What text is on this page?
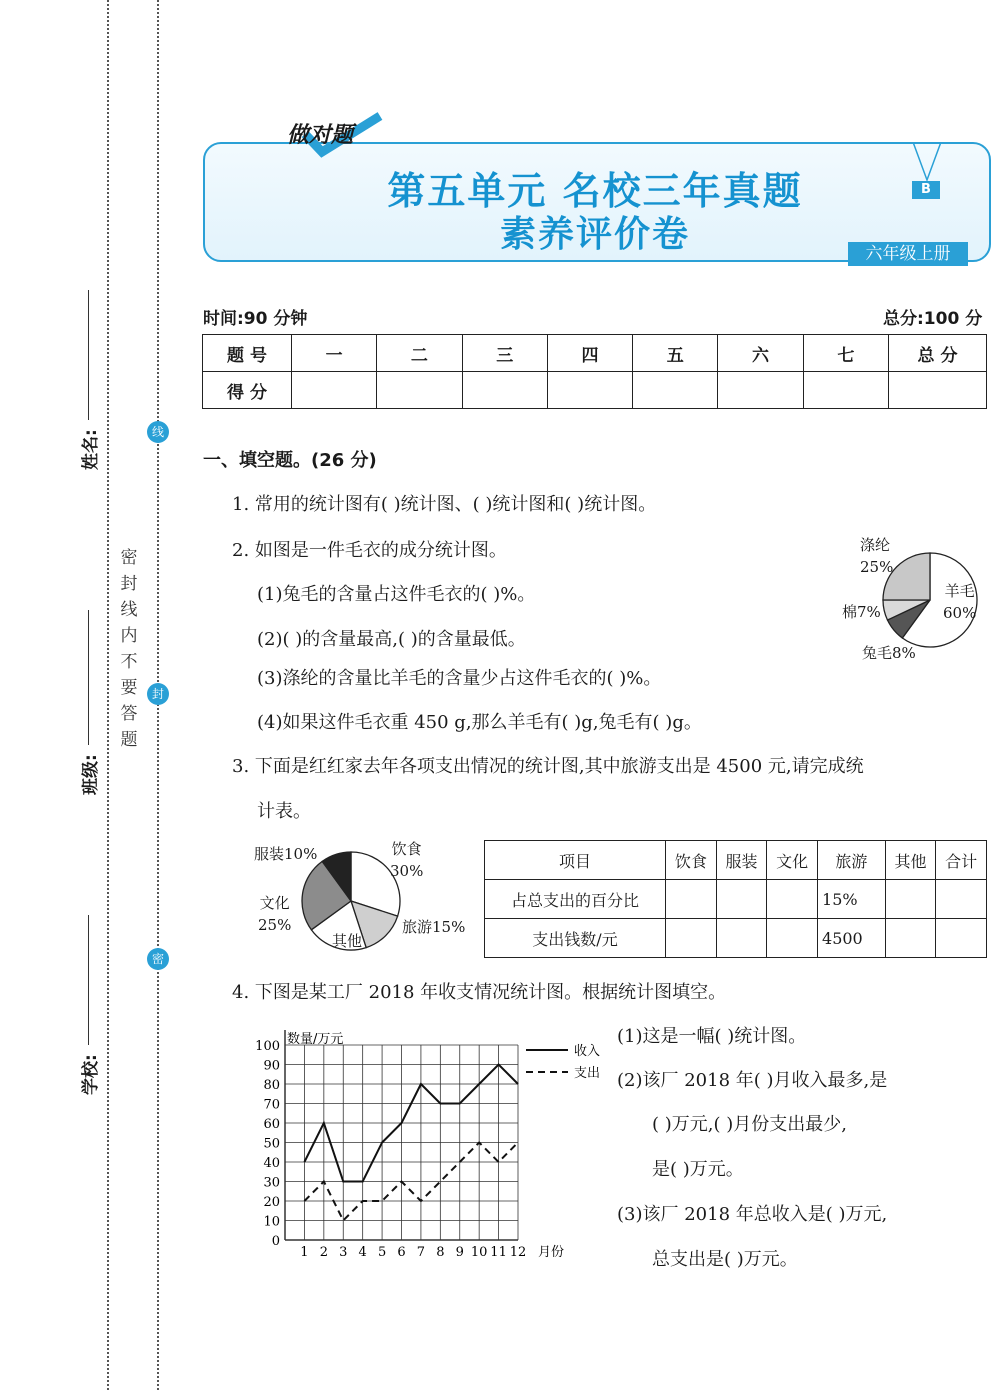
姓名:
班级:
学校:
密封线内不要答题
线
封
密
做对题
第五单元 名校三年真题
素养评价卷
B
六年级上册
时间:90 分钟	总分:100 分
题 号	一	二	三	四	五	六	七	总 分
得 分								
一、填空题。(26 分)
1. 常用的统计图有( )统计图、( )统计图和( )统计图。
2. 如图是一件毛衣的成分统计图。
(1)兔毛的含量占这件毛衣的( )%。
(2)( )的含量最高,( )的含量最低。
(3)涤纶的含量比羊毛的含量少占这件毛衣的( )%。
(4)如果这件毛衣重 450 g,那么羊毛有( )g,兔毛有( )g。
涤纶
25%
羊毛
60%
棉7%
兔毛8%
3. 下面是红红家去年各项支出情况的统计图,其中旅游支出是 4500 元,请完成统
计表。
服装10%	饮食
30%
文化
25%
其他
旅游15%
项目	饮食	服装	文化	旅游	其他	合计
占总支出的百分比				15%		
支出钱数/元				4500		
4. 下图是某工厂 2018 年收支情况统计图。根据统计图填空。
0
10
20
30
40
50
60
70
80
90
100
1 2 3 4 5 6 7 8 9 10 11 12
数量/万元
月份
收入
支出
(1)这是一幅( )统计图。
(2)该厂 2018 年( )月收入最多,是
( )万元,( )月份支出最少,
是( )万元。
(3)该厂 2018 年总收入是( )万元,
总支出是( )万元。
